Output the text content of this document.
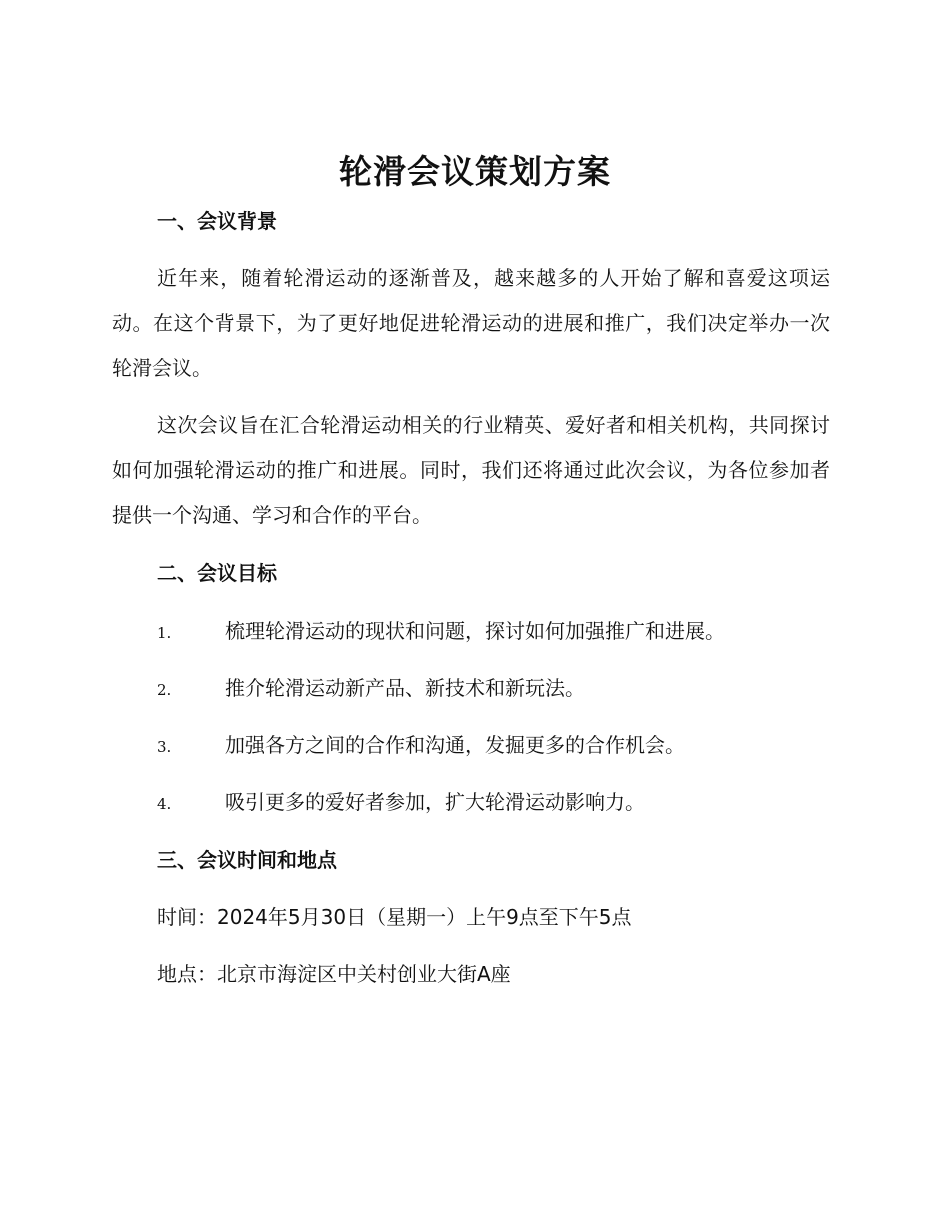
轮滑会议策划方案
一、会议背景

近年来，随着轮滑运动的逐渐普及，越来越多的人开始了解和喜爱这项运动。在这个背景下，为了更好地促进轮滑运动的进展和推广，我们决定举办一次轮滑会议。

这次会议旨在汇合轮滑运动相关的行业精英、爱好者和相关机构，共同探讨如何加强轮滑运动的推广和进展。同时，我们还将通过此次会议，为各位参加者提供一个沟通、学习和合作的平台。

二、会议目标
1.	梳理轮滑运动的现状和问题，探讨如何加强推广和进展。
2.	推介轮滑运动新产品、新技术和新玩法。
3.	加强各方之间的合作和沟通，发掘更多的合作机会。
4.	吸引更多的爱好者参加，扩大轮滑运动影响力。
三、会议时间和地点

时间：2024年5月30日（星期一）上午9点至下午5点

地点：北京市海淀区中关村创业大街A座
